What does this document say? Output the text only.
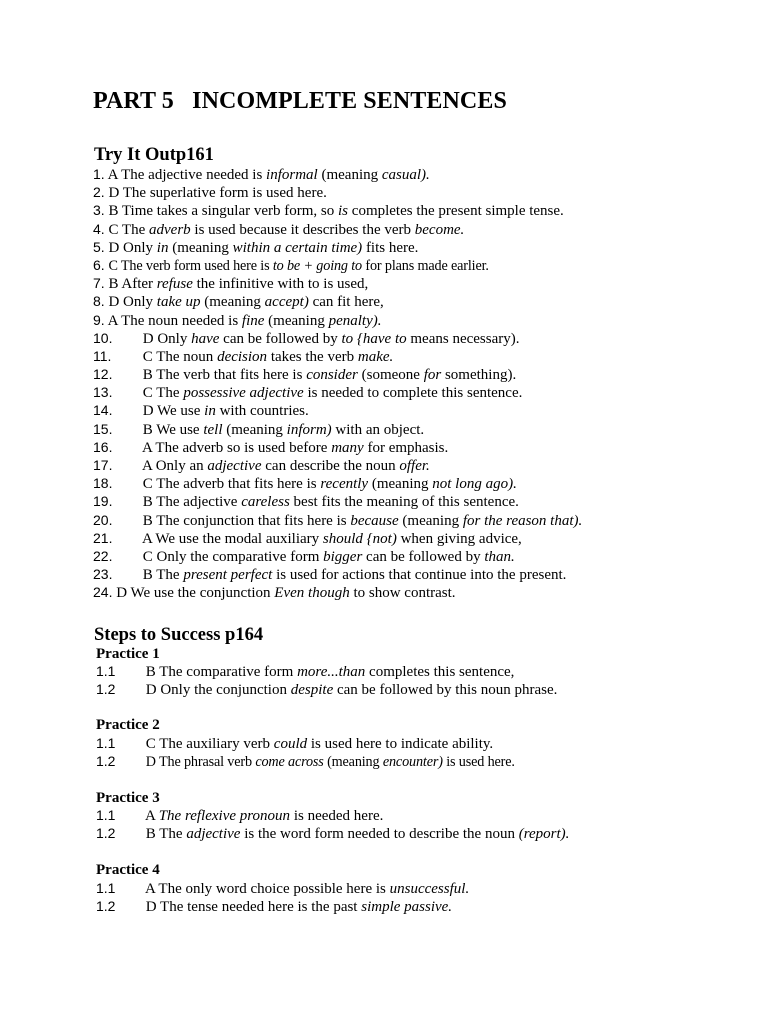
PART 5   INCOMPLETE SENTENCES
Try It Outp161
1. A The adjective needed is informal (meaning casual).
2. D The superlative form is used here.
3. B Time takes a singular verb form, so is completes the present simple tense.
4. C The adverb is used because it describes the verb become.
5. D Only in (meaning within a certain time) fits here.
6. C The verb form used here is to be + going to for plans made earlier.
7. B After refuse the infinitive with to is used,
8. D Only take up (meaning accept) can fit here,
9. A The noun needed is fine (meaning penalty).
10. D Only have can be followed by to {have to means necessary).
11. C The noun decision takes the verb make.
12. B The verb that fits here is consider (someone for something).
13. C The possessive adjective is needed to complete this sentence.
14. D We use in with countries.
15. B We use tell (meaning inform) with an object.
16. A The adverb so is used before many for emphasis.
17. A Only an adjective can describe the noun offer.
18. C The adverb that fits here is recently (meaning not long ago).
19. B The adjective careless best fits the meaning of this sentence.
20. B The conjunction that fits here is because (meaning for the reason that).
21. A We use the modal auxiliary should {not) when giving advice,
22. C Only the comparative form bigger can be followed by than.
23. B The present perfect is used for actions that continue into the present.
24. D We use the conjunction Even though to show contrast.
Steps to Success p164
Practice 1
1.1 B The comparative form more...than completes this sentence,
1.2 D Only the conjunction despite can be followed by this noun phrase.
Practice 2
1.1 C The auxiliary verb could is used here to indicate ability.
1.2 D The phrasal verb come across (meaning encounter) is used here.
Practice 3
1.1 A The reflexive pronoun is needed here.
1.2 B The adjective is the word form needed to describe the noun (report).
Practice 4
1.1 A The only word choice possible here is unsuccessful.
1.2 D The tense needed here is the past simple passive.
